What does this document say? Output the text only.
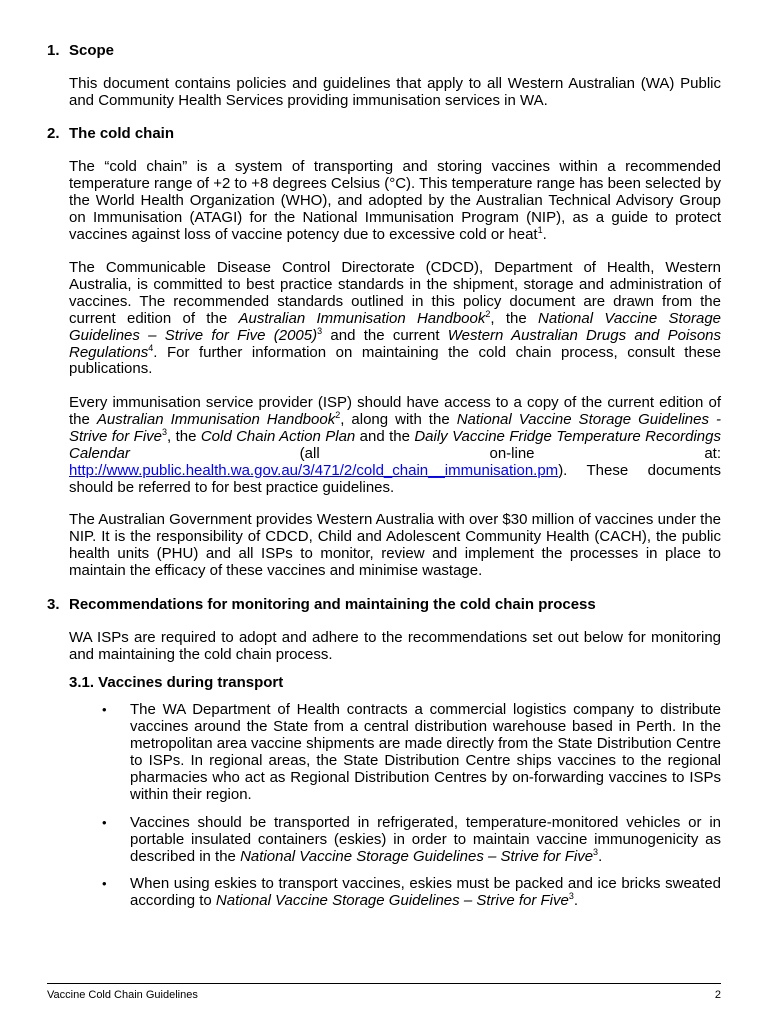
1. Scope
This document contains policies and guidelines that apply to all Western Australian (WA) Public and Community Health Services providing immunisation services in WA.
2. The cold chain
The “cold chain” is a system of transporting and storing vaccines within a recommended temperature range of +2 to +8 degrees Celsius (°C). This temperature range has been selected by the World Health Organization (WHO), and adopted by the Australian Technical Advisory Group on Immunisation (ATAGI) for the National Immunisation Program (NIP), as a guide to protect vaccines against loss of vaccine potency due to excessive cold or heat$^1$.
The Communicable Disease Control Directorate (CDCD), Department of Health, Western Australia, is committed to best practice standards in the shipment, storage and administration of vaccines. The recommended standards outlined in this policy document are drawn from the current edition of the Australian Immunisation Handbook$^2$, the National Vaccine Storage Guidelines – Strive for Five $(2005)^3$ and the current Western Australian Drugs and Poisons Regulations$^4$. For further information on maintaining the cold chain process, consult these publications.
Every immunisation service provider (ISP) should have access to a copy of the current edition of the Australian Immunisation Handbook$^2$, along with the National Vaccine Storage Guidelines - Strive for Five$^3$, the Cold Chain Action Plan and the Daily Vaccine Fridge Temperature Recordings Calendar (all on-line at: http://www.public.health.wa.gov.au/3/471/2/cold_chain__immunisation.pm). These documents should be referred to for best practice guidelines.
The Australian Government provides Western Australia with over $30 million of vaccines under the NIP. It is the responsibility of CDCD, Child and Adolescent Community Health (CACH), the public health units (PHU) and all ISPs to monitor, review and implement the processes in place to maintain the efficacy of these vaccines and minimise wastage.
3. Recommendations for monitoring and maintaining the cold chain process
WA ISPs are required to adopt and adhere to the recommendations set out below for monitoring and maintaining the cold chain process.
3.1. Vaccines during transport
• The WA Department of Health contracts a commercial logistics company to distribute vaccines around the State from a central distribution warehouse based in Perth. In the metropolitan area vaccine shipments are made directly from the State Distribution Centre to ISPs. In regional areas, the State Distribution Centre ships vaccines to the regional pharmacies who act as Regional Distribution Centres by on-forwarding vaccines to ISPs within their region.
• Vaccines should be transported in refrigerated, temperature-monitored vehicles or in portable insulated containers (eskies) in order to maintain vaccine immunogenicity as described in the National Vaccine Storage Guidelines – Strive for Five$^3$.
• When using eskies to transport vaccines, eskies must be packed and ice bricks sweated according to National Vaccine Storage Guidelines – Strive for Five$^3$.
Vaccine Cold Chain Guidelines	2
